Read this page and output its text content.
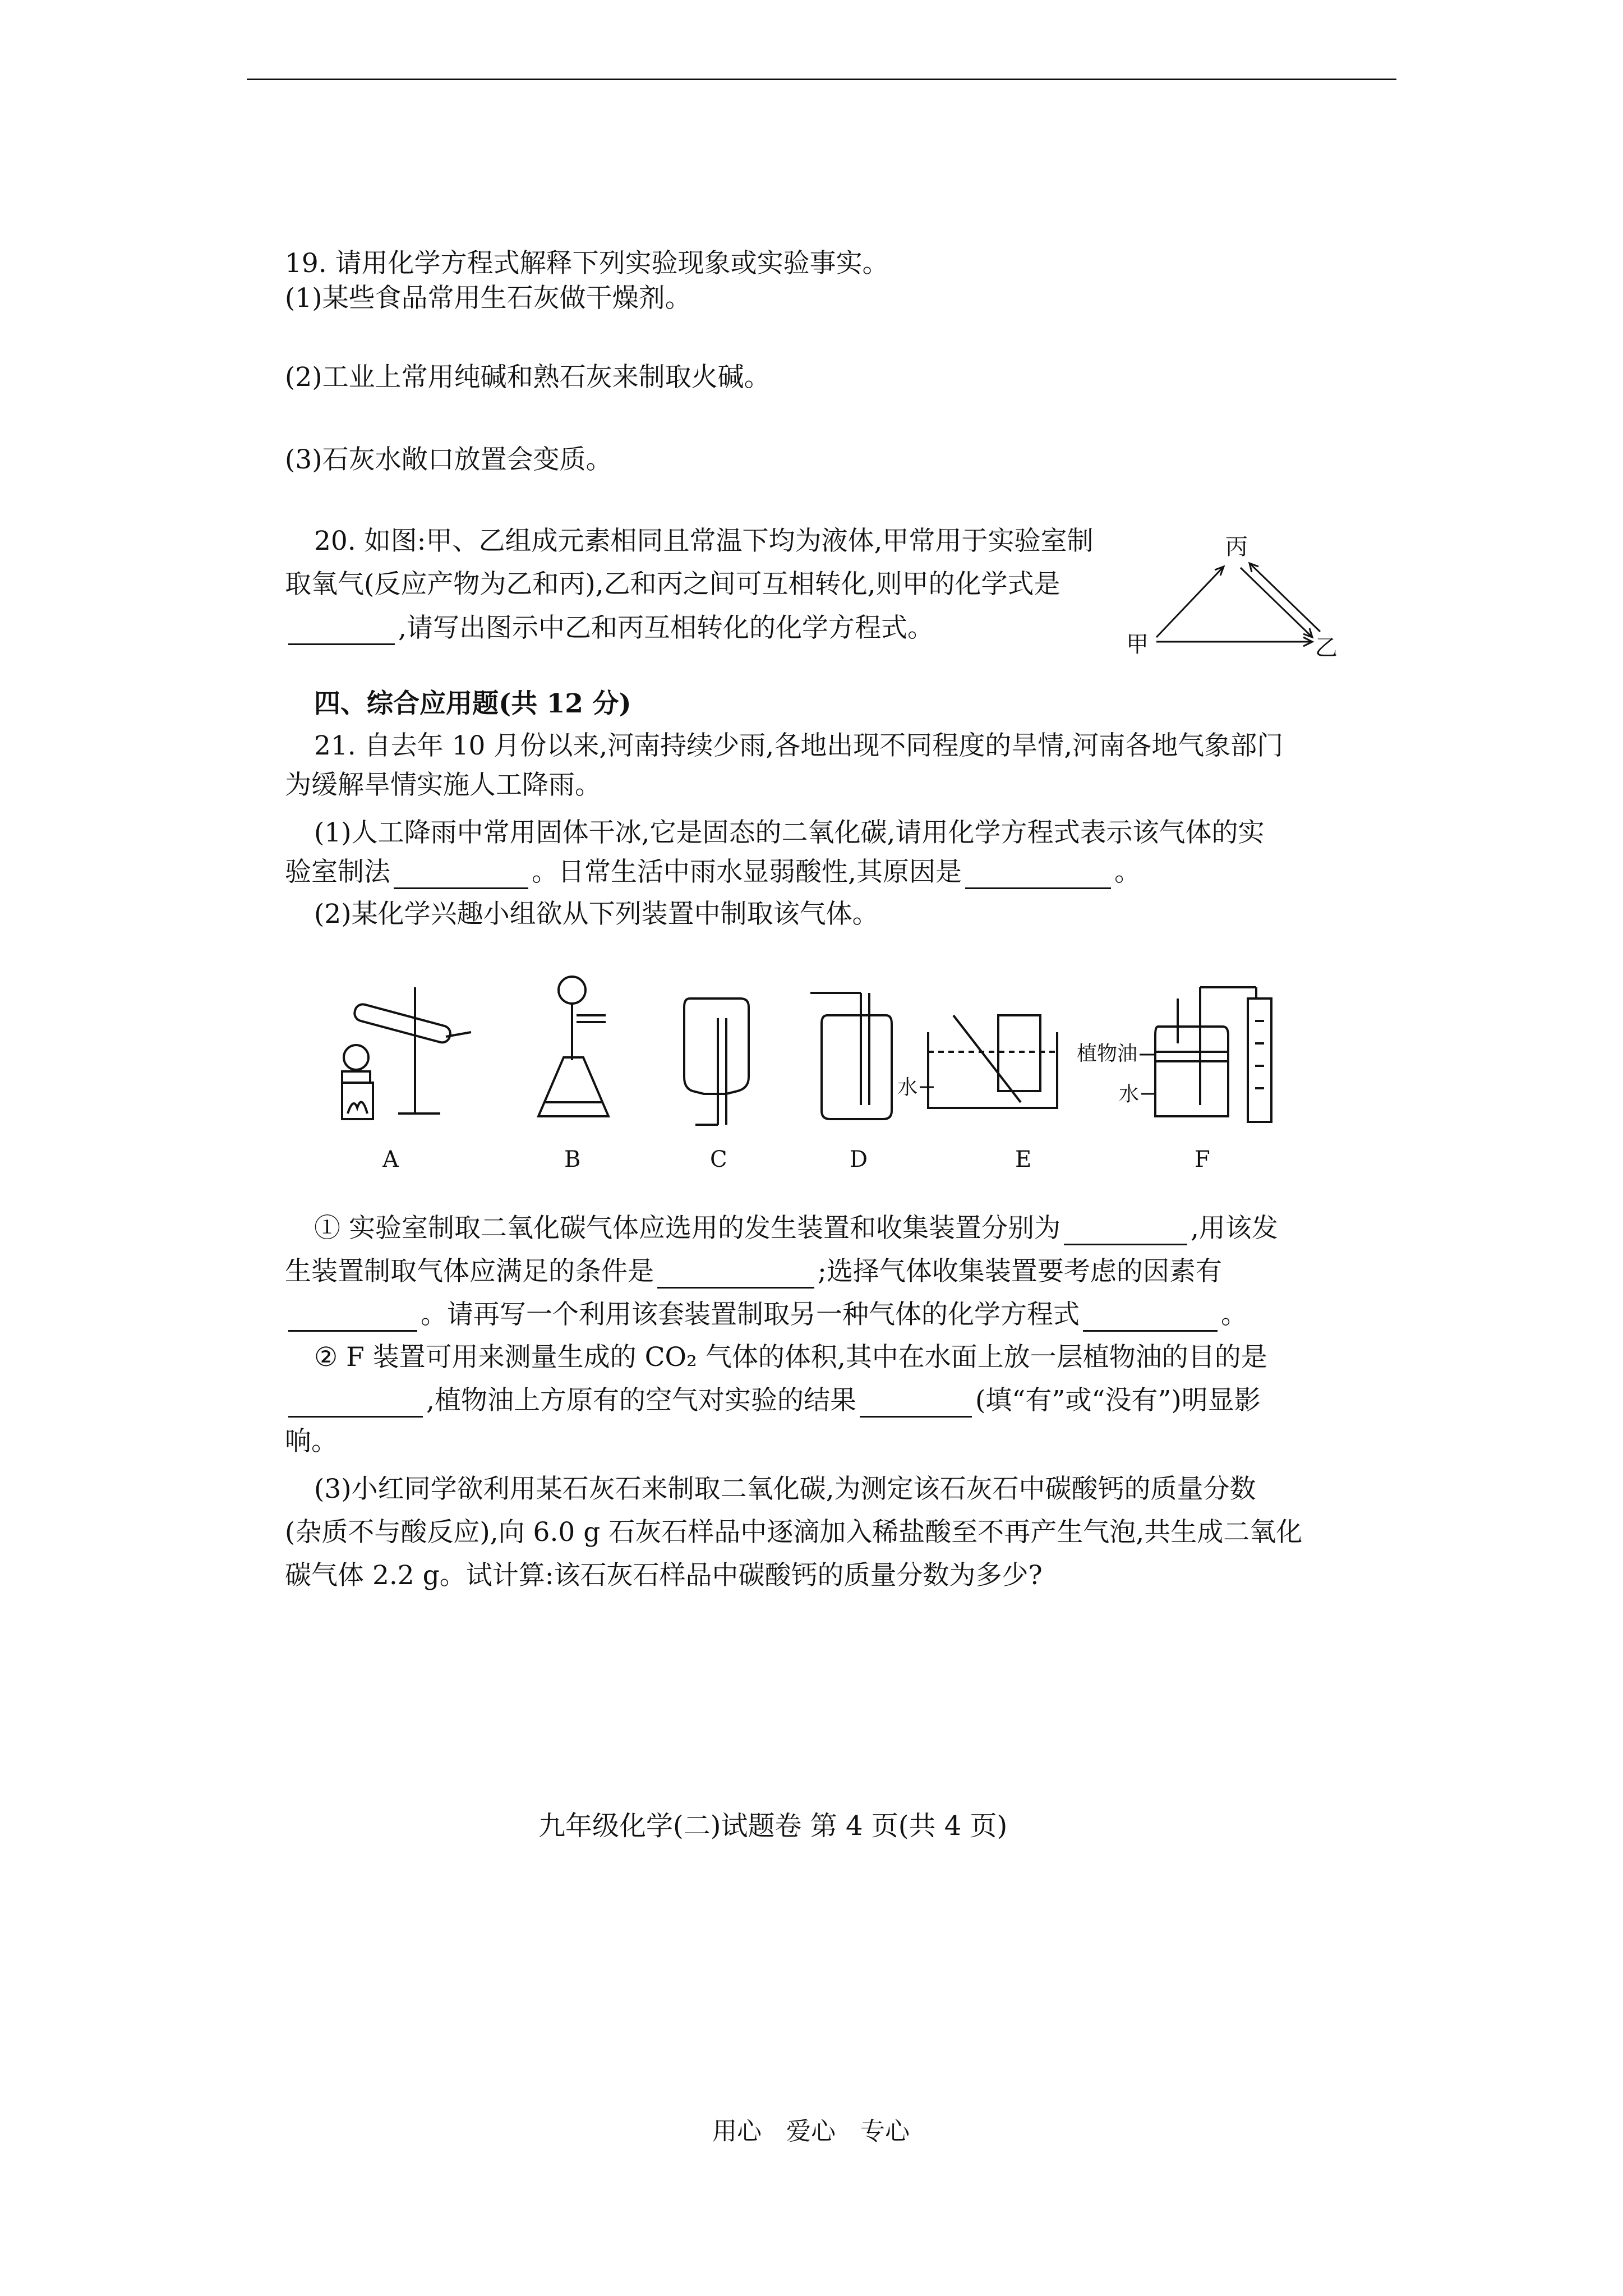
19. 请用化学方程式解释下列实验现象或实验事实。
(1)某些食品常用生石灰做干燥剂。
(2)工业上常用纯碱和熟石灰来制取火碱。
(3)石灰水敞口放置会变质。
20. 如图:甲、乙组成元素相同且常温下均为液体,甲常用于实验室制
取氧气(反应产物为乙和丙),乙和丙之间可互相转化,则甲的化学式是
,请写出图示中乙和丙互相转化的化学方程式。
丙
甲	乙
四、综合应用题(共 12 分)
21. 自去年 10 月份以来,河南持续少雨,各地出现不同程度的旱情,河南各地气象部门
为缓解旱情实施人工降雨。
(1)人工降雨中常用固体干冰,它是固态的二氧化碳,请用化学方程式表示该气体的实
验室制法	。日常生活中雨水显弱酸性,其原因是	。
(2)某化学兴趣小组欲从下列装置中制取该气体。
水
植物油
水
A	B	C	D	E	F
① 实验室制取二氧化碳气体应选用的发生装置和收集装置分别为	,用该发
生装置制取气体应满足的条件是	;选择气体收集装置要考虑的因素有
。请再写一个利用该套装置制取另一种气体的化学方程式	。
② F 装置可用来测量生成的 CO₂ 气体的体积,其中在水面上放一层植物油的目的是
,植物油上方原有的空气对实验的结果	(填“有”或“没有”)明显影
响。
(3)小红同学欲利用某石灰石来制取二氧化碳,为测定该石灰石中碳酸钙的质量分数
(杂质不与酸反应),向 6.0 g 石灰石样品中逐滴加入稀盐酸至不再产生气泡,共生成二氧化
碳气体 2.2 g。试计算:该石灰石样品中碳酸钙的质量分数为多少?
九年级化学(二)试题卷 第 4 页(共 4 页)
用心　爱心　专心
